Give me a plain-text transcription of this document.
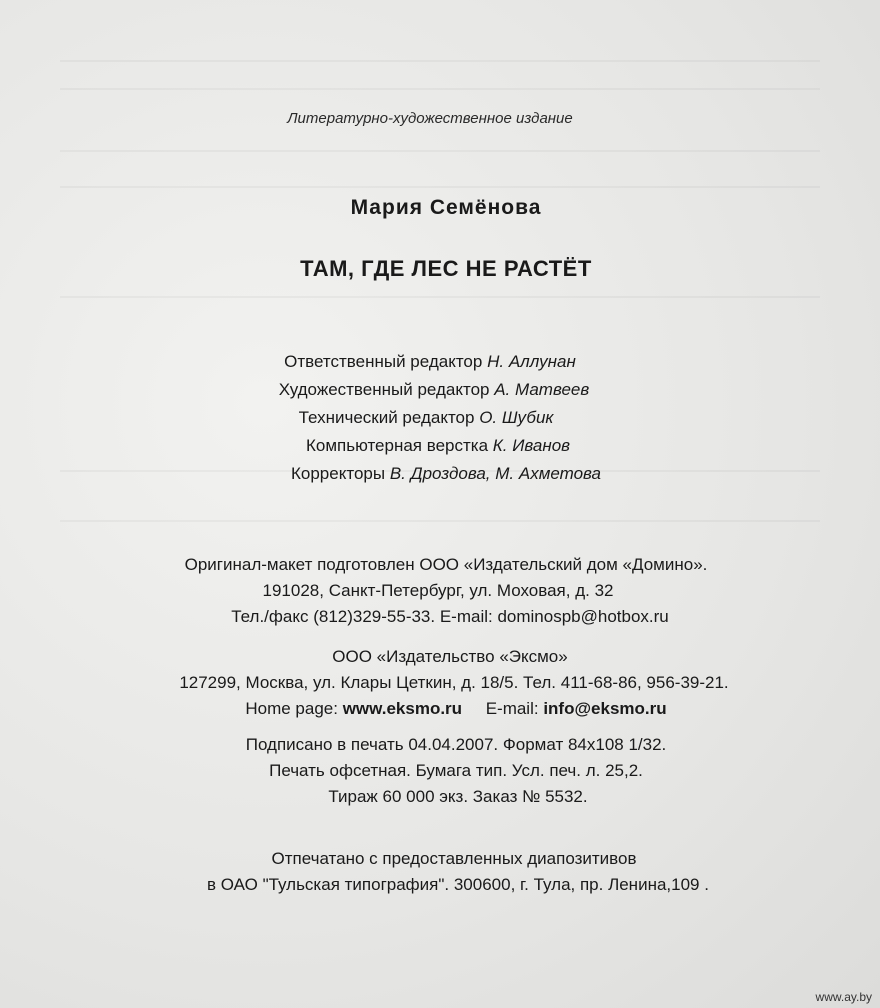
Литературно-художественное издание
Мария Семёнова
ТАМ, ГДЕ ЛЕС НЕ РАСТЁТ
Ответственный редактор Н. Аллунан
Художественный редактор А. Матвеев
Технический редактор О. Шубик
Компьютерная верстка К. Иванов
Корректоры В. Дроздова, М. Ахметова
Оригинал-макет подготовлен ООО «Издательский дом «Домино».
191028, Санкт-Петербург, ул. Моховая, д. 32
Тел./факс (812)329-55-33. E-mail: dominospb@hotbox.ru
ООО «Издательство «Эксмо»
127299, Москва, ул. Клары Цеткин, д. 18/5. Тел. 411-68-86, 956-39-21.
Home page: www.eksmo.ru E-mail: info@eksmo.ru
Подписано в печать 04.04.2007. Формат 84x108 1/32.
Печать офсетная. Бумага тип. Усл. печ. л. 25,2.
Тираж 60 000 экз. Заказ № 5532.
Отпечатано с предоставленных диапозитивов
в ОАО "Тульская типография". 300600, г. Тула, пр. Ленина,109 .
www.ay.by
